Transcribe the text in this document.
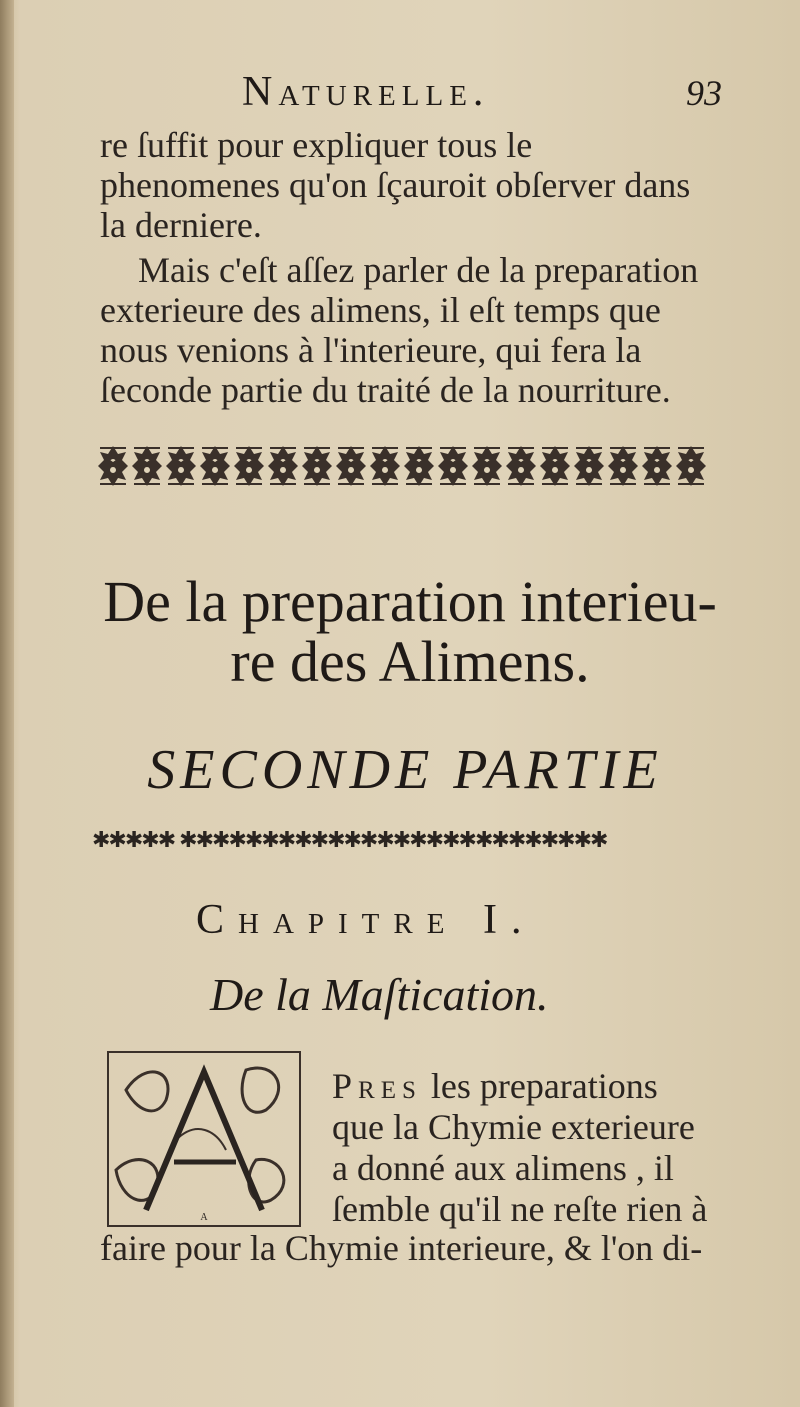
Naturelle.	93

re ſuffit pour expliquer tous le phenomenes qu'on ſçauroit obſerver dans la derniere.

Mais c'eſt aſſez parler de la preparation exterieure des alimens, il eſt temps que nous venions à l'interieure, qui fera la ſeconde partie du traité de la nourriture.

De la preparation interieu-
re des Alimens.
SECONDE PARTIE
✱✱✱✱✱ ✱✱✱✱✱✱✱✱✱✱✱✱✱✱✱✱✱✱✱✱✱✱✱✱✱✱
Chapitre I.
De la Maſtication.
A
Pres les preparations
que la Chymie exterieure
a donné aux alimens , il
ſemble qu'il ne reſte rien à
faire pour la Chymie interieure, & l'on di-
